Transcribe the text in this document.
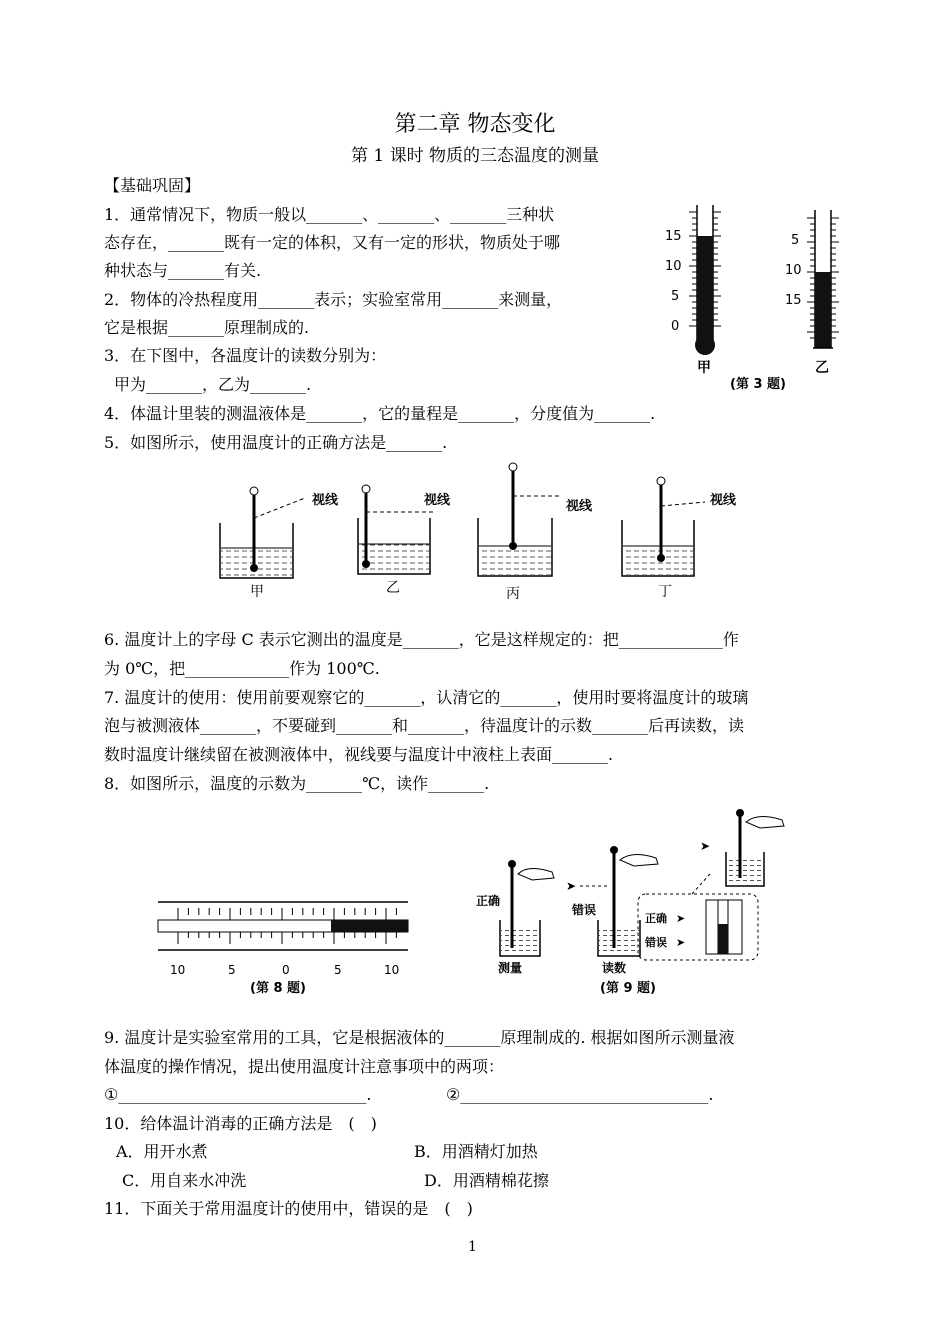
第二章 物态变化
第 1 课时 物质的三态温度的测量
【基础巩固】
1．通常情况下，物质一般以_______、_______、_______三种状
态存在，_______既有一定的体积，又有一定的形状，物质处于哪
种状态与_______有关.
2．物体的冷热程度用_______表示；实验室常用_______来测量，
它是根据_______原理制成的.
3．在下图中，各温度计的读数分别为：
甲为_______，乙为_______.
4．体温计里装的测温液体是_______，它的量程是_______，分度值为_______.
5．如图所示，使用温度计的正确方法是_______.
15
10
5
0
甲
5
10
15
乙
(第 3 题)
视线
甲
视线
乙
视线
丙
视线
丁
6. 温度计上的字母 C 表示它测出的温度是_______，它是这样规定的：把_____________作
为 0℃，把_____________作为 100℃.
7. 温度计的使用：使用前要观察它的_______，认清它的_______，使用时要将温度计的玻璃
泡与被测液体_______，不要碰到_______和_______，待温度计的示数_______后再读数，读
数时温度计继续留在被测液体中，视线要与温度计中液柱上表面_______.
8．如图所示，温度的示数为_______℃，读作_______.
10	5	0	5	10
(第 8 题)
正确
测量
➤
错误
读数
➤
正确
错误
➤
➤
(第 9 题)
9. 温度计是实验室常用的工具，它是根据液体的_______原理制成的. 根据如图所示测量液
体温度的操作情况，提出使用温度计注意事项中的两项：
①_______________________________.	②_______________________________.
10．给体温计消毒的正确方法是　(　)
A．用开水煮	B．用酒精灯加热
C．用自来水冲洗	D．用酒精棉花擦
11．下面关于常用温度计的使用中，错误的是　(　)
1
